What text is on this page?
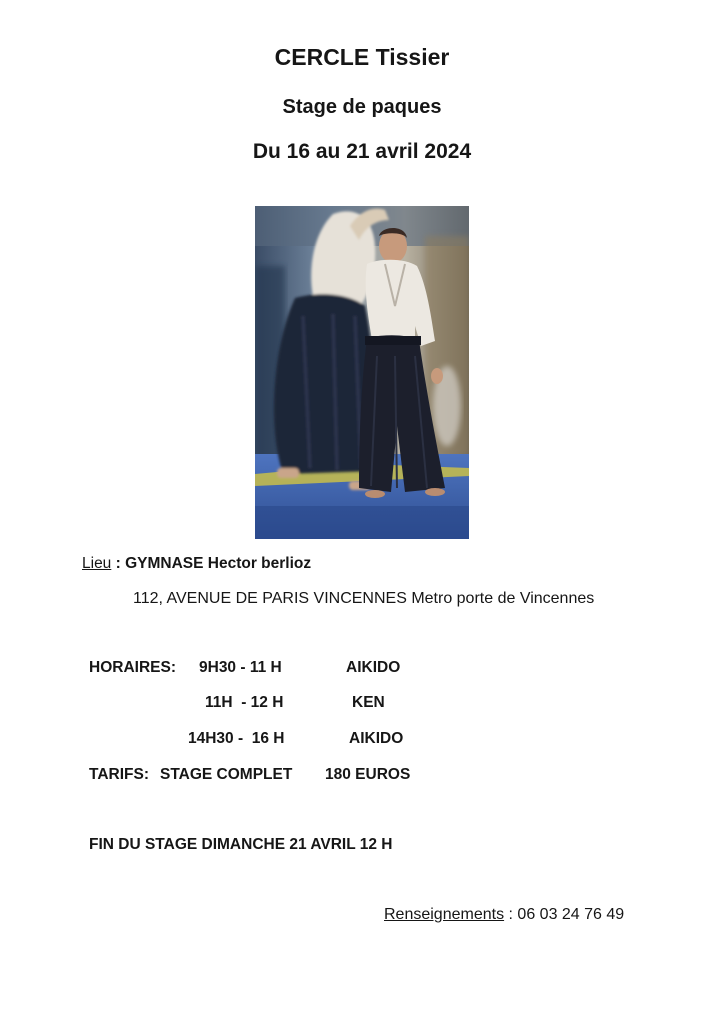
CERCLE Tissier
Stage de paques
Du 16 au 21 avril 2024
Lieu : GYMNASE Hector berlioz
112, AVENUE DE PARIS VINCENNES Metro porte de Vincennes
HORAIRES: 9H30 - 11 H	AIKIDO
11H  - 12 H	KEN
14H30 -  16 H	AIKIDO
TARIFS: STAGE COMPLET 180 EUROS
FIN DU STAGE DIMANCHE 21 AVRIL 12 H
Renseignements : 06 03 24 76 49
